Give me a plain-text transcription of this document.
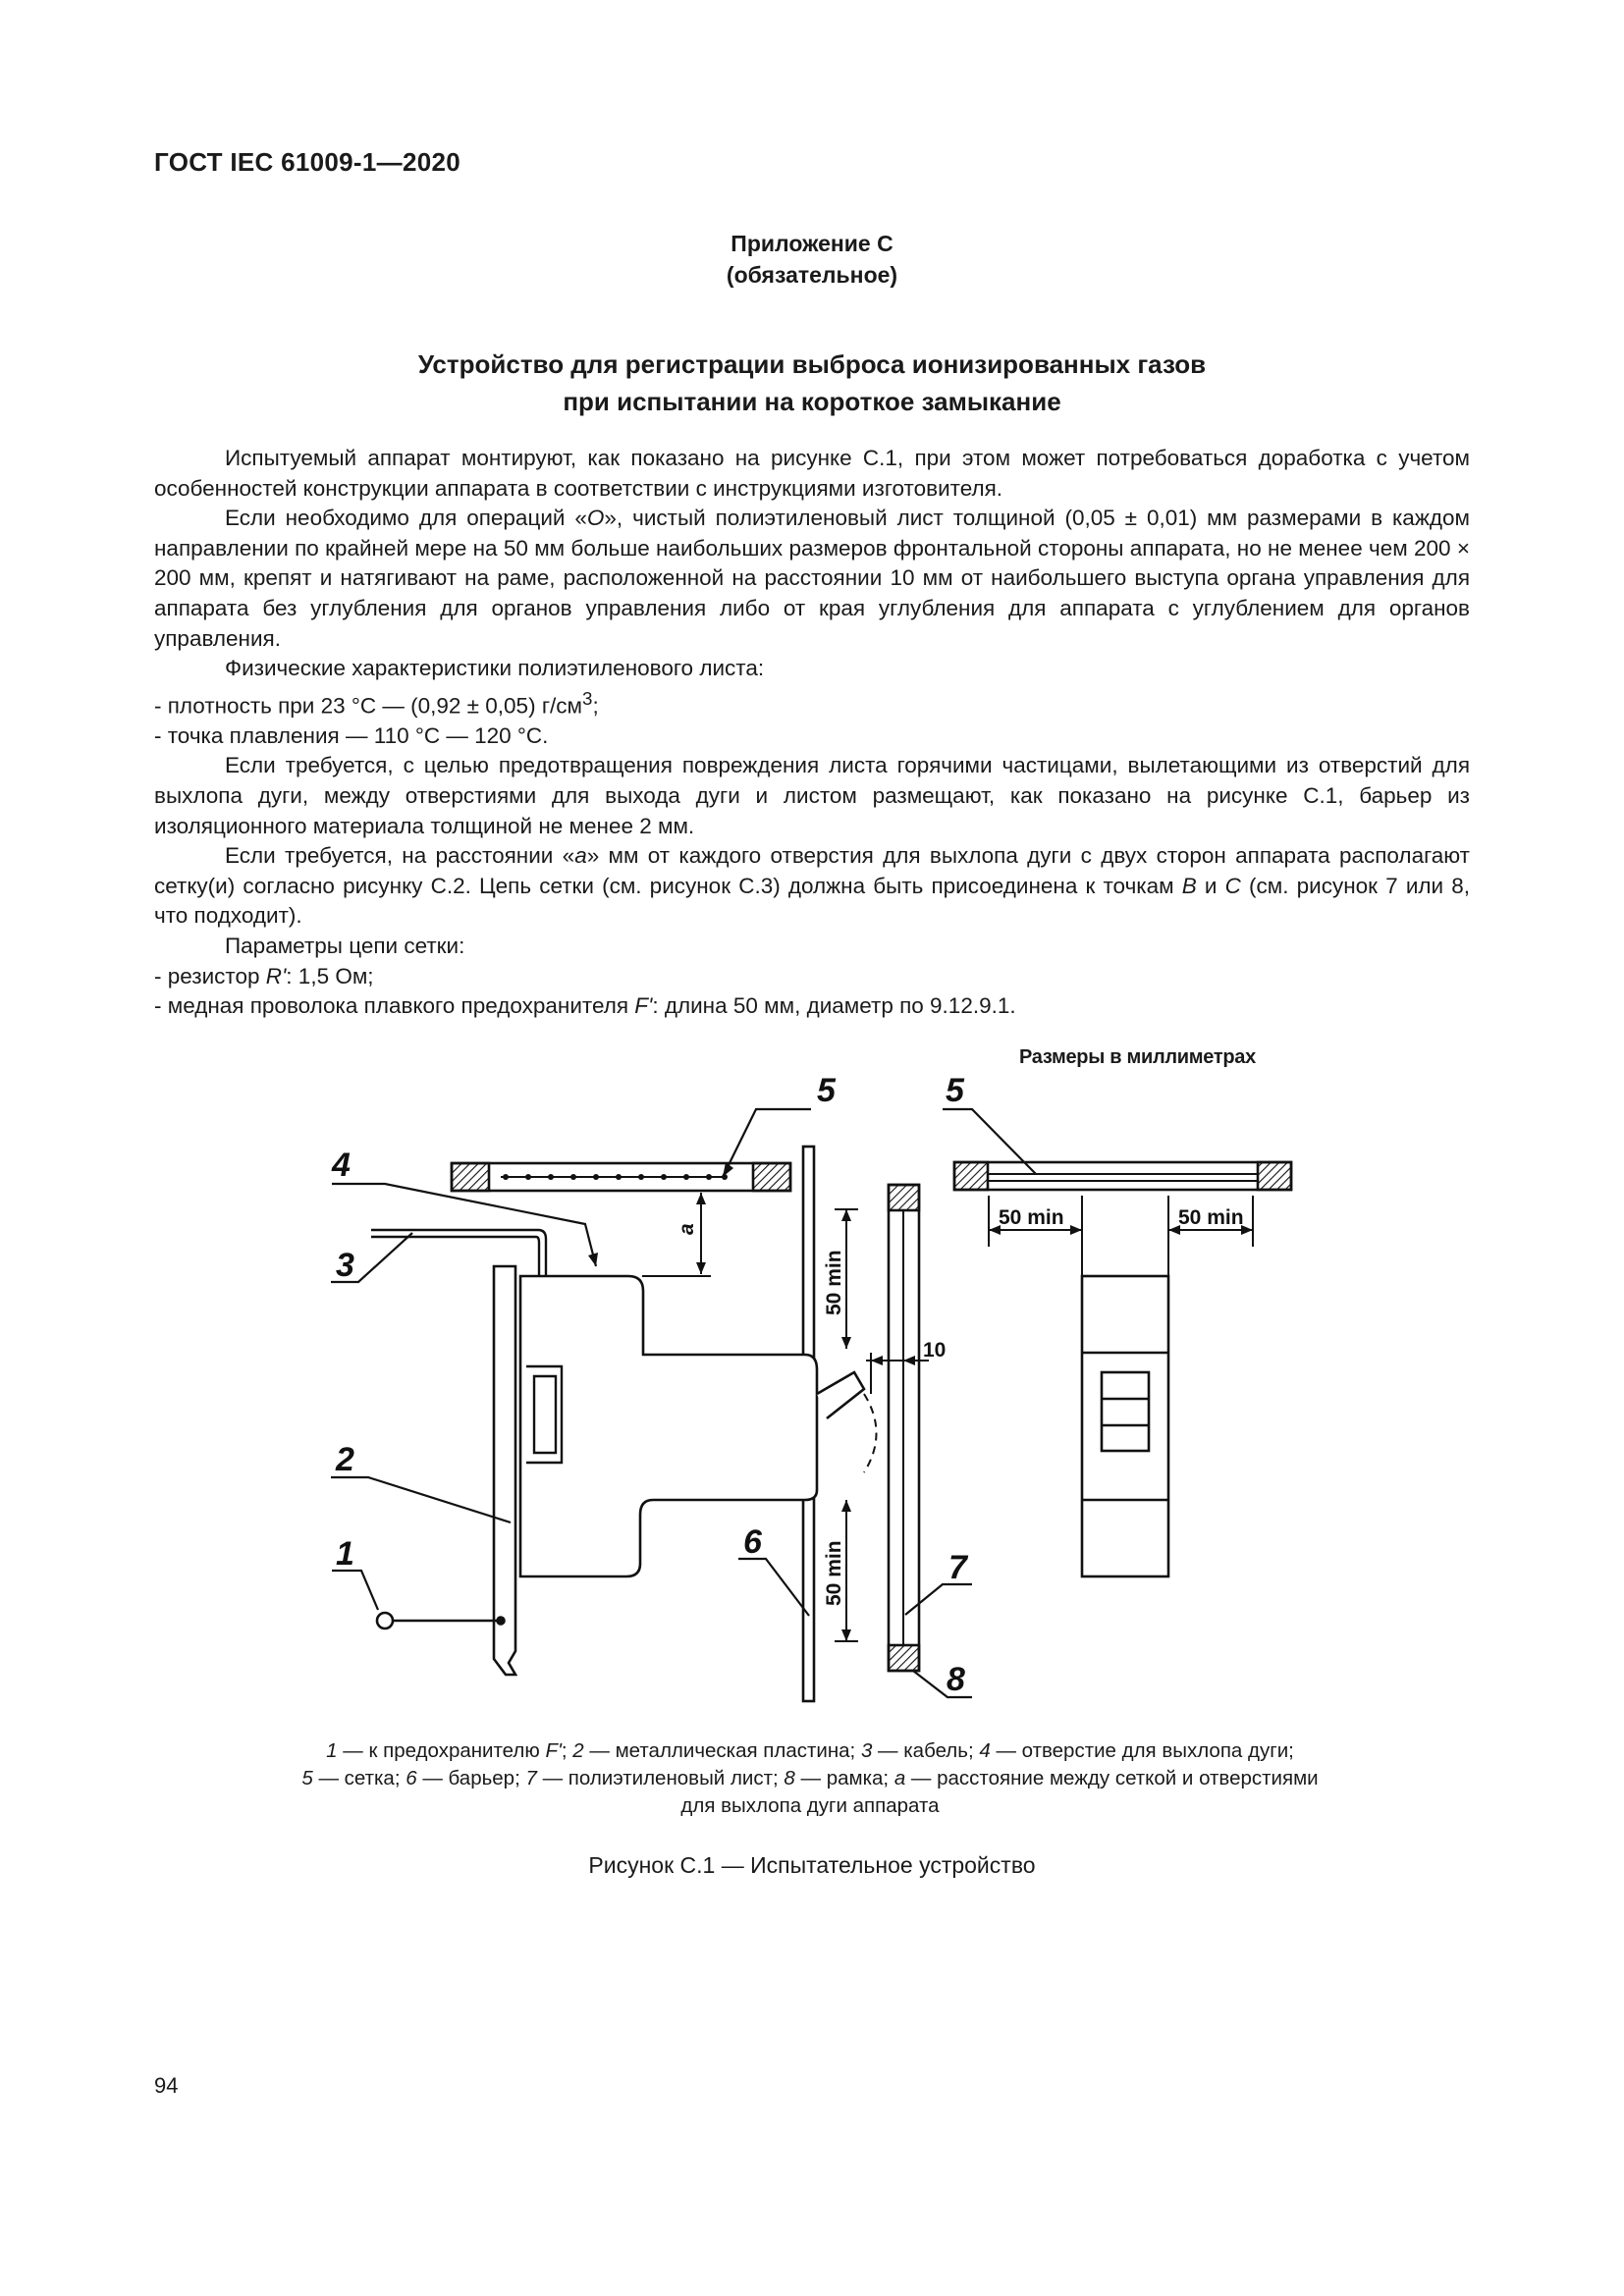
ГОСТ IEC 61009-1—2020
Приложение С
(обязательное)
Устройство для регистрации выброса ионизированных газов
при испытании на короткое замыкание

Испытуемый аппарат монтируют, как показано на рисунке С.1, при этом может потребоваться доработка с учетом особенностей конструкции аппарата в соответствии с инструкциями изготовителя.

Если необходимо для операций «О», чистый полиэтиленовый лист толщиной (0,05 ± 0,01) мм размерами в каждом направлении по крайней мере на 50 мм больше наибольших размеров фронтальной стороны аппарата, но не менее чем 200 × 200 мм, крепят и натягивают на раме, расположенной на расстоянии 10 мм от наибольшего выступа органа управления для аппарата без углубления для органов управления либо от края углубления для аппарата с углублением для органов управления.

Физические характеристики полиэтиленового листа:

- плотность при 23 °С — (0,92 ± 0,05) $г/см^3$;

- точка плавления — 110 °С — 120 °С.

Если требуется, с целью предотвращения повреждения листа горячими частицами, вылетающими из отверстий для выхлопа дуги, между отверстиями для выхода дуги и листом размещают, как показано на рисунке С.1, барьер из изоляционного материала толщиной не менее 2 мм.

Если требуется, на расстоянии «а» мм от каждого отверстия для выхлопа дуги с двух сторон аппарата располагают сетку(и) согласно рисунку С.2. Цепь сетки (см. рисунок С.3) должна быть присоединена к точкам В и С (см. рисунок 7 или 8, что подходит).

Параметры цепи сетки:

- резистор R': 1,5 Ом;

- медная проволока плавкого предохранителя F': длина 50 мм, диаметр по 9.12.9.1.

Размеры в миллиметрах
5	5
4
3
2
1	6
7
8
a
50 min
50 min
10
50 min	50 min
1 — к предохранителю F'; 2 — металлическая пластина; 3 — кабель; 4 — отверстие для выхлопа дуги;
5 — сетка; 6 — барьер; 7 — полиэтиленовый лист; 8 — рамка; а — расстояние между сеткой и отверстиями
для выхлопа дуги аппарата
Рисунок С.1 — Испытательное устройство
94
